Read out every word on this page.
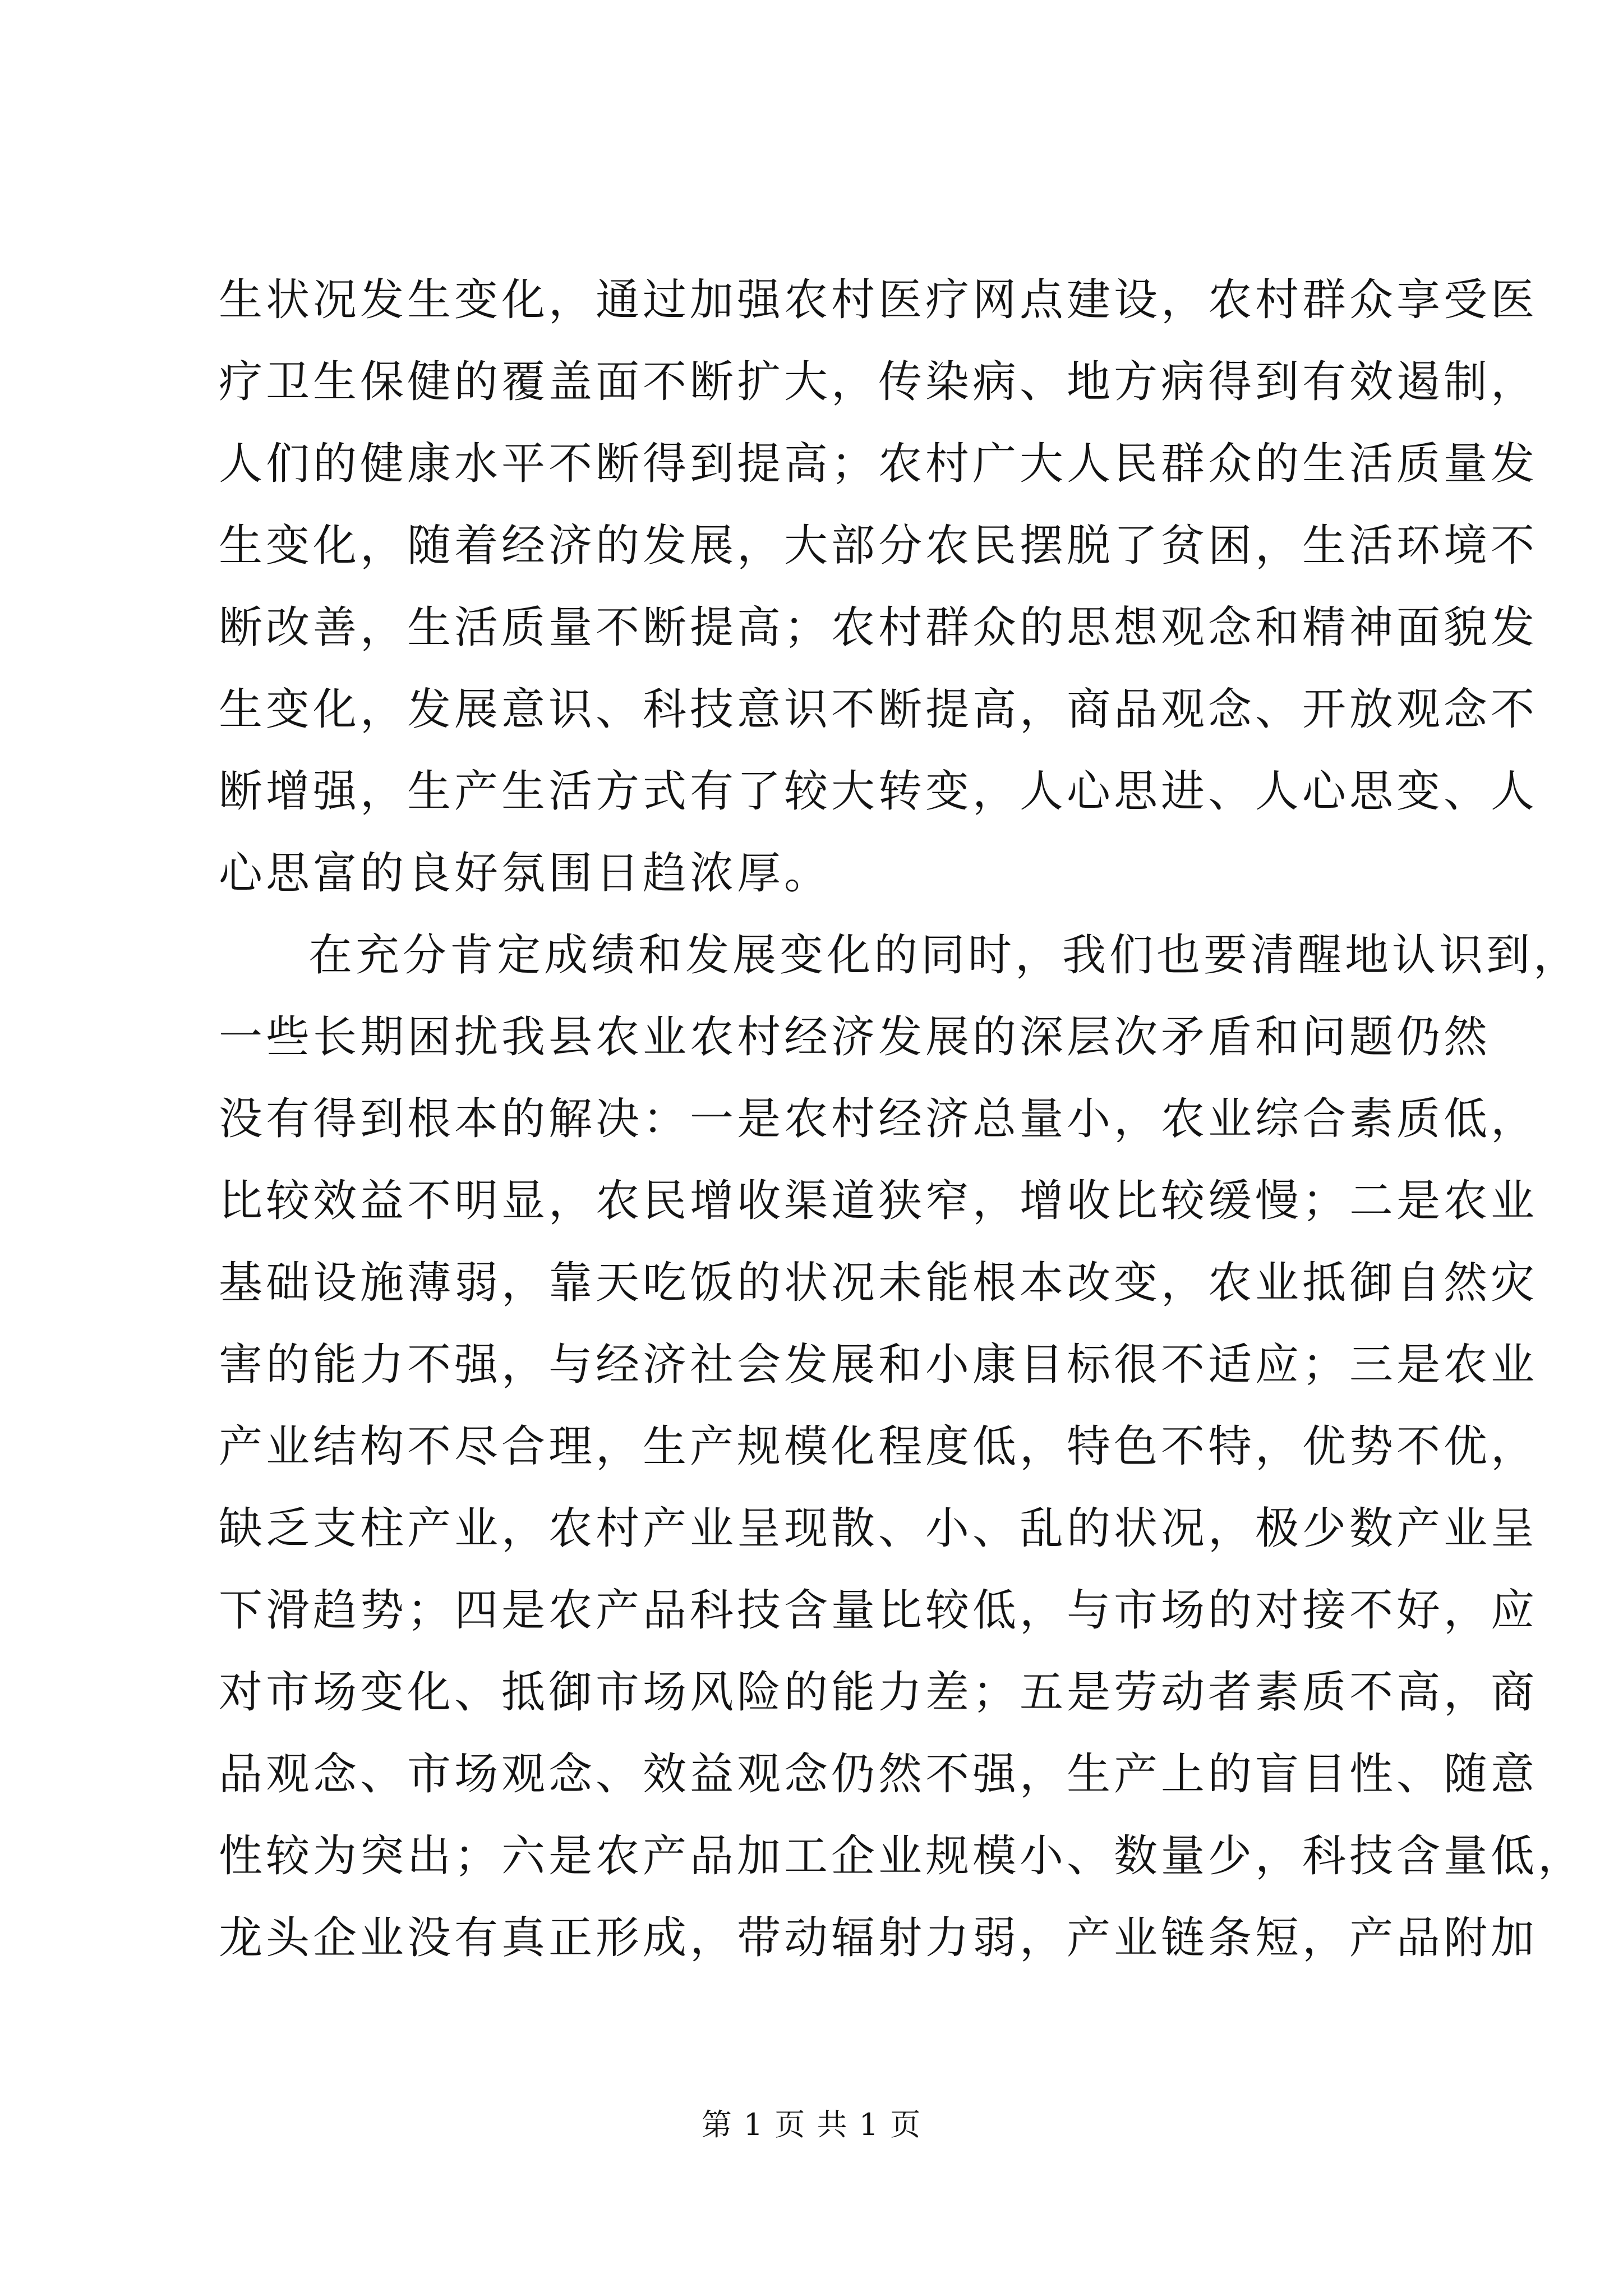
生状况发生变化，通过加强农村医疗网点建设，农村群众享受医
疗卫生保健的覆盖面不断扩大，传染病、地方病得到有效遏制，
人们的健康水平不断得到提高；农村广大人民群众的生活质量发
生变化，随着经济的发展，大部分农民摆脱了贫困，生活环境不
断改善，生活质量不断提高；农村群众的思想观念和精神面貌发
生变化，发展意识、科技意识不断提高，商品观念、开放观念不
断增强，生产生活方式有了较大转变，人心思进、人心思变、人
心思富的良好氛围日趋浓厚。
在充分肯定成绩和发展变化的同时，我们也要清醒地认识到，
一些长期困扰我县农业农村经济发展的深层次矛盾和问题仍然
没有得到根本的解决：一是农村经济总量小，农业综合素质低，
比较效益不明显，农民增收渠道狭窄，增收比较缓慢；二是农业
基础设施薄弱，靠天吃饭的状况未能根本改变，农业抵御自然灾
害的能力不强，与经济社会发展和小康目标很不适应；三是农业
产业结构不尽合理，生产规模化程度低，特色不特，优势不优，
缺乏支柱产业，农村产业呈现散、小、乱的状况，极少数产业呈
下滑趋势；四是农产品科技含量比较低，与市场的对接不好，应
对市场变化、抵御市场风险的能力差；五是劳动者素质不高，商
品观念、市场观念、效益观念仍然不强，生产上的盲目性、随意
性较为突出；六是农产品加工企业规模小、数量少，科技含量低，
龙头企业没有真正形成，带动辐射力弱，产业链条短，产品附加
第 1 页 共 1 页
